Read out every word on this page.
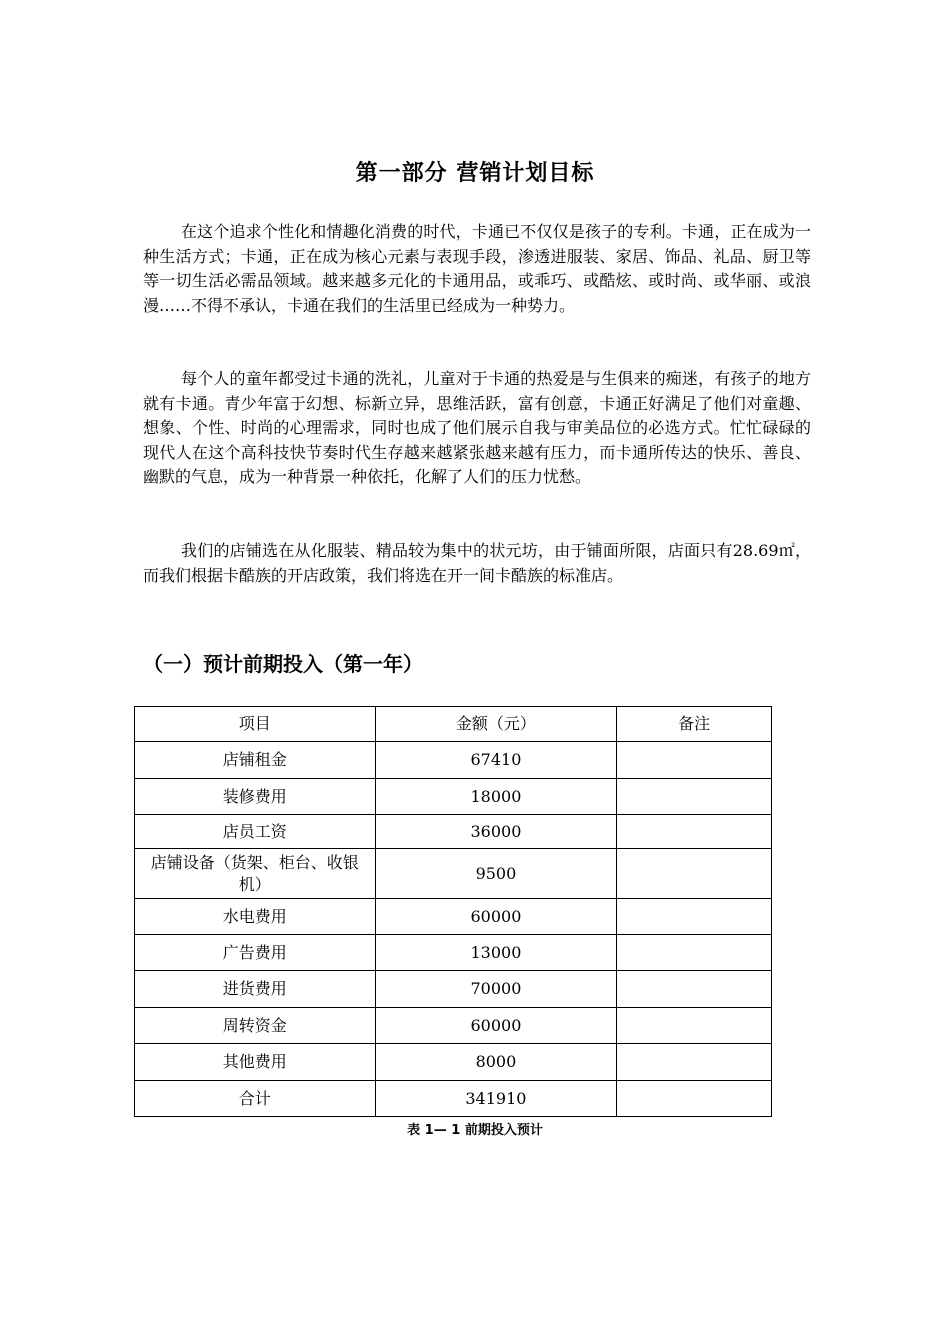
第一部分 营销计划目标

在这个追求个性化和情趣化消费的时代，卡通已不仅仅是孩子的专利。卡通，正在成为一种生活方式；卡通，正在成为核心元素与表现手段，渗透进服装、家居、饰品、礼品、厨卫等等一切生活必需品领域。越来越多元化的卡通用品，或乖巧、或酷炫、或时尚、或华丽、或浪漫……不得不承认，卡通在我们的生活里已经成为一种势力。

每个人的童年都受过卡通的洗礼，儿童对于卡通的热爱是与生俱来的痴迷，有孩子的地方就有卡通。青少年富于幻想、标新立异，思维活跃，富有创意，卡通正好满足了他们对童趣、想象、个性、时尚的心理需求，同时也成了他们展示自我与审美品位的必选方式。忙忙碌碌的现代人在这个高科技快节奏时代生存越来越紧张越来越有压力，而卡通所传达的快乐、善良、幽默的气息，成为一种背景一种依托，化解了人们的压力忧愁。

我们的店铺选在从化服装、精品较为集中的状元坊，由于铺面所限，店面只有28.69㎡，而我们根据卡酷族的开店政策，我们将选在开一间卡酷族的标准店。

（一）预计前期投入（第一年）
项目	金额（元）	备注
店铺租金	67410	
装修费用	18000	
店员工资	36000	
店铺设备（货架、柜台、收银机）	9500	
水电费用	60000	
广告费用	13000	
进货费用	70000	
周转资金	60000	
其他费用	8000	
合计	341910	
表 1— 1 前期投入预计
